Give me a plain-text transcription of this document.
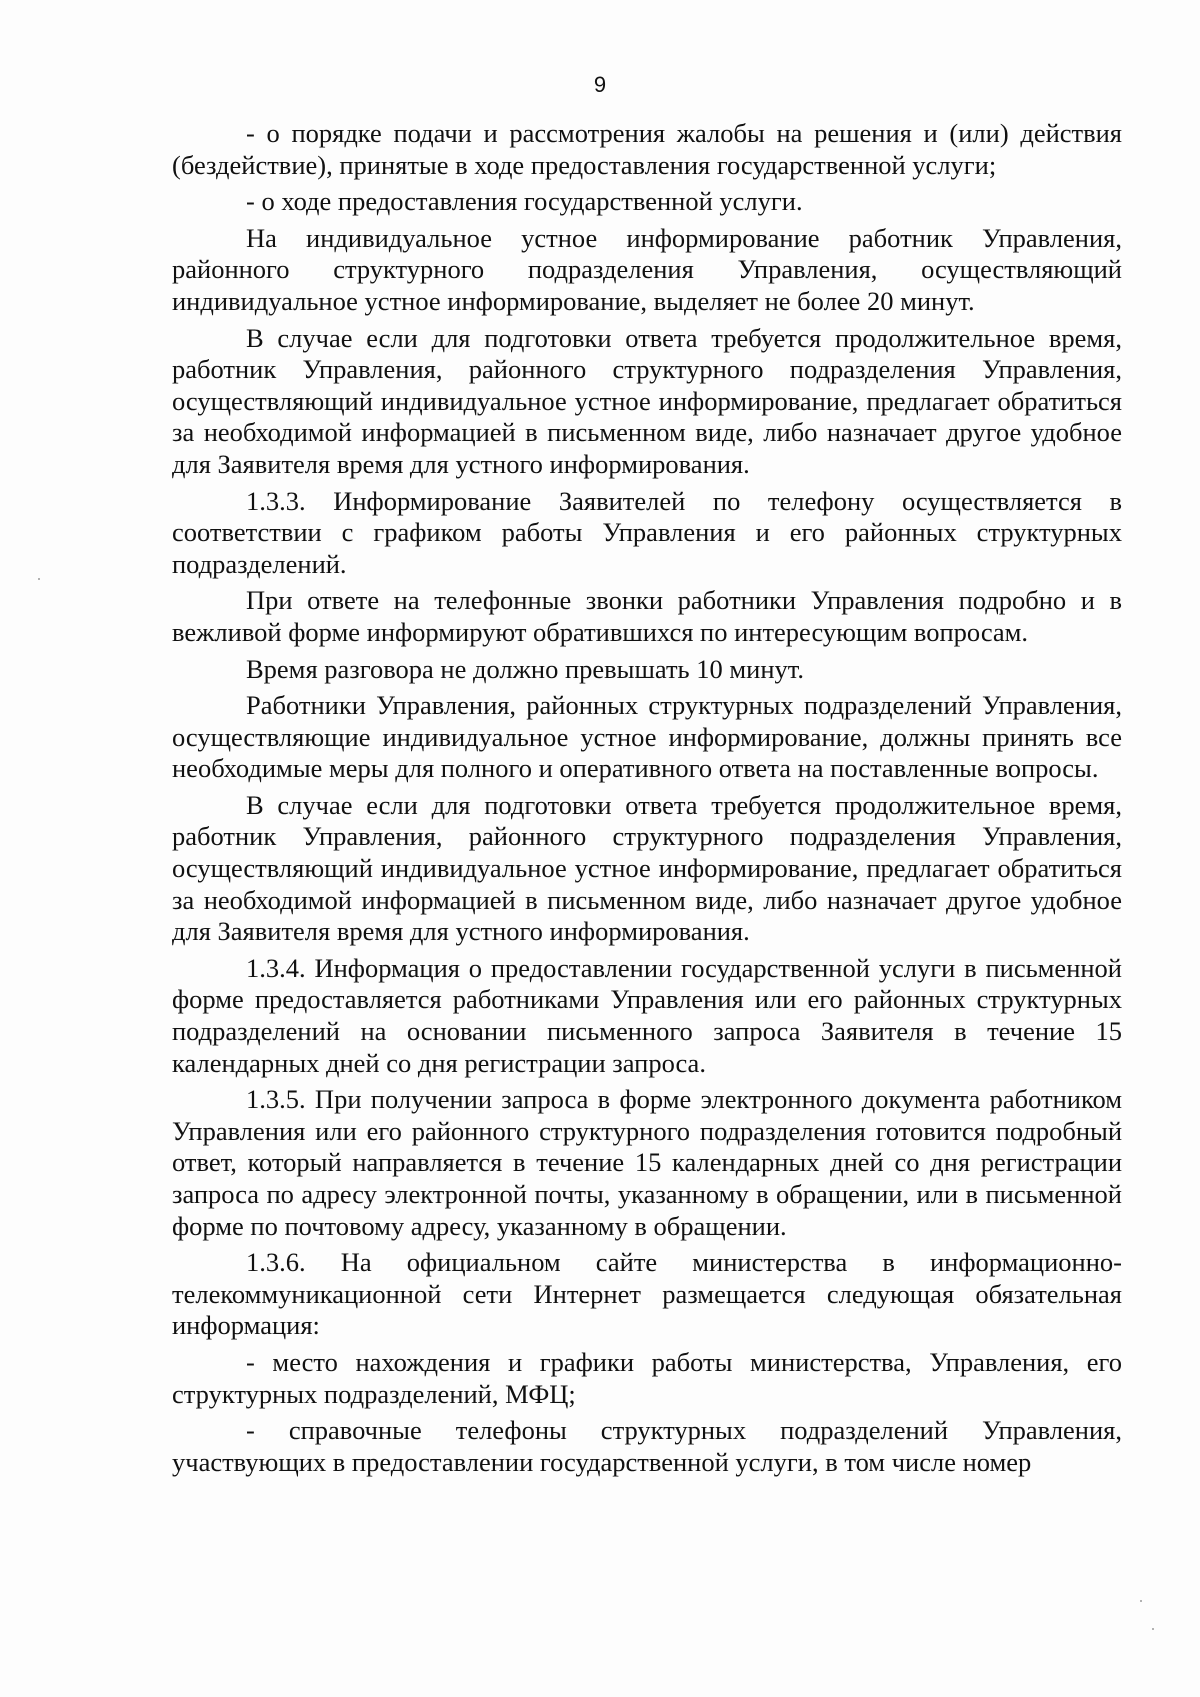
9

- о порядке подачи и рассмотрения жалобы на решения и (или) действия (бездействие), принятые в ходе предоставления государственной услуги;

- о ходе предоставления государственной услуги.

На индивидуальное устное информирование работник Управления, районного структурного подразделения Управления, осуществляющий индивидуальное устное информирование, выделяет не более 20 минут.

В случае если для подготовки ответа требуется продолжительное время, работник Управления, районного структурного подразделения Управления, осуществляющий индивидуальное устное информирование, предлагает обратиться за необходимой информацией в письменном виде, либо назначает другое удобное для Заявителя время для устного информирования.

1.3.3. Информирование Заявителей по телефону осуществляется в соответствии с графиком работы Управления и его районных структурных подразделений.

При ответе на телефонные звонки работники Управления подробно и в вежливой форме информируют обратившихся по интересующим вопросам.

Время разговора не должно превышать 10 минут.

Работники Управления, районных структурных подразделений Управления, осуществляющие индивидуальное устное информирование, должны принять все необходимые меры для полного и оперативного ответа на поставленные вопросы.

В случае если для подготовки ответа требуется продолжительное время, работник Управления, районного структурного подразделения Управления, осуществляющий индивидуальное устное информирование, предлагает обратиться за необходимой информацией в письменном виде, либо назначает другое удобное для Заявителя время для устного информирования.

1.3.4. Информация о предоставлении государственной услуги в письменной форме предоставляется работниками Управления или его районных структурных подразделений на основании письменного запроса Заявителя в течение 15 календарных дней со дня регистрации запроса.

1.3.5. При получении запроса в форме электронного документа работником Управления или его районного структурного подразделения готовится подробный ответ, который направляется в течение 15 календарных дней со дня регистрации запроса по адресу электронной почты, указанному в обращении, или в письменной форме по почтовому адресу, указанному в обращении.

1.3.6. На официальном сайте министерства в информационно-телекоммуникационной сети Интернет размещается следующая обязательная информация:

- место нахождения и графики работы министерства, Управления, его структурных подразделений, МФЦ;

- справочные телефоны структурных подразделений Управления, участвующих в предоставлении государственной услуги, в том числе номер
